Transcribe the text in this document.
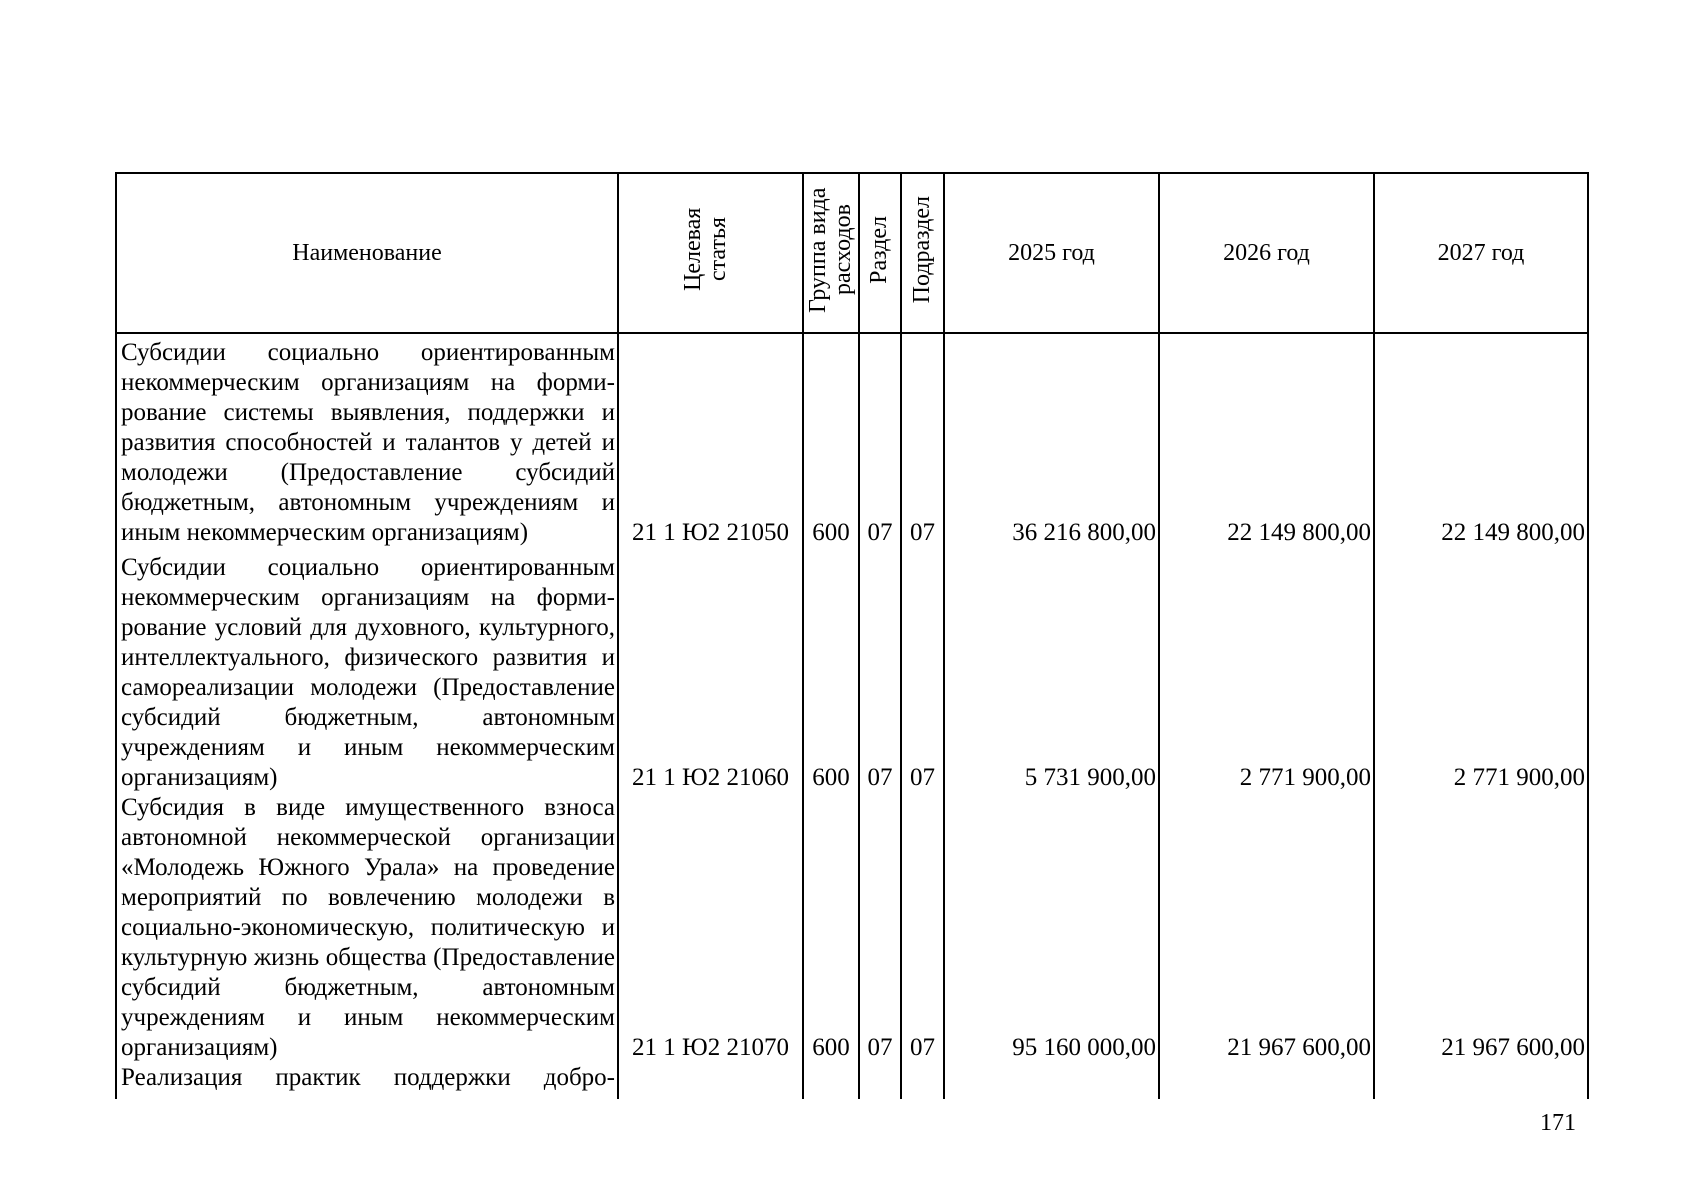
Наименование	Целевая статья	Группа вида расходов	Раздел	Подраздел	2025 год	2026 год	2027 год

Субсидии социально ориентированным некоммерческим организациям на формирование системы выявления, поддержки и развития способностей и талантов у детей и молодежи (Предоставление субсидий бюджетным, автономным учреждениям и иным некоммерческим организациям)	21 1 Ю2 21050	600	07	07	36 216 800,00	22 149 800,00	22 149 800,00

Субсидии социально ориентированным некоммерческим организациям на формирование условий для духовного, культурного, интеллектуального, физического развития и самореализации молодежи (Предоставление субсидий бюджетным, автономным учреждениям и иным некоммерческим организациям)	21 1 Ю2 21060	600	07	07	5 731 900,00	2 771 900,00	2 771 900,00

Субсидия в виде имущественного взноса автономной некоммерческой организации «Молодежь Южного Урала» на проведение мероприятий по вовлечению молодежи в социально-экономическую, политическую и культурную жизнь общества (Предоставление субсидий бюджетным, автономным учреждениям и иным некоммерческим организациям)	21 1 Ю2 21070	600	07	07	95 160 000,00	21 967 600,00	21 967 600,00

Реализация практик поддержки добро-							

171
